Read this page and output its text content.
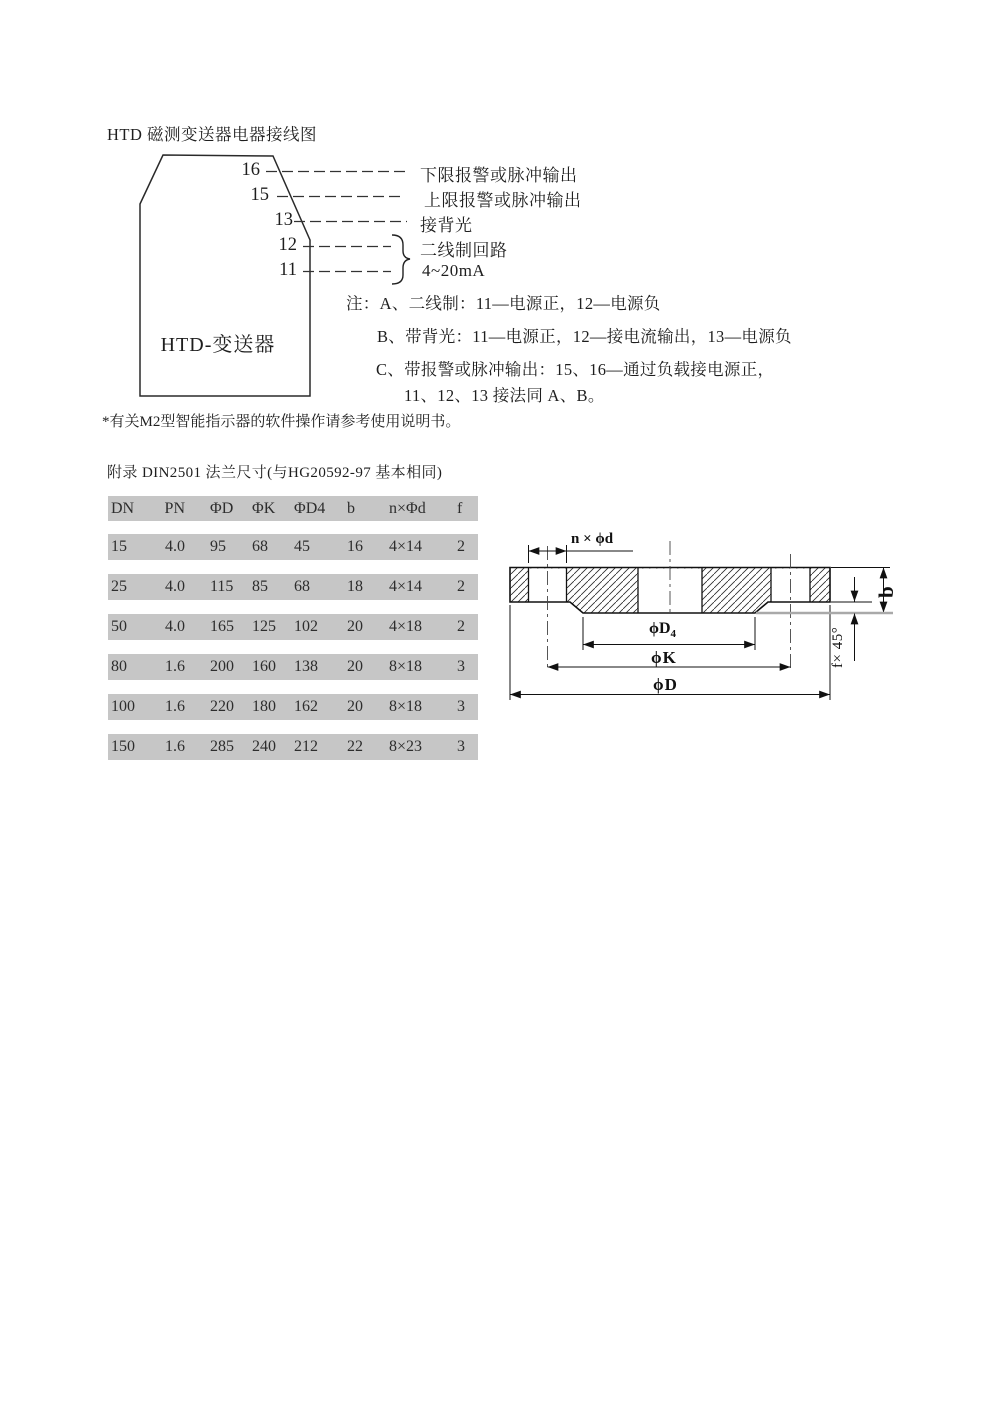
HTD 磁测变送器电器接线图
HTD-变送器
16
15
13
12
11
下限报警或脉冲输出
上限报警或脉冲输出
接背光
二线制回路
4~20mA
注：A、二线制：11—电源正，12—电源负
B、带背光：11—电源正，12—接电流输出，13—电源负
C、带报警或脉冲输出：15、16—通过负载接电源正，
11、12、13 接法同 A、B。
*有关M2型智能指示器的软件操作请参考使用说明书。
附录 DIN2501 法兰尺寸(与HG20592-97 基本相同)
DN	PN ΦD ΦK ΦD4 b n×Φd f
15	4.0 95 68 45 16 4×14 2
25	4.0 115 85 68 18 4×14 2
50	4.0 165 125 102 20 4×18 2
80	1.6 200 160 138 20 8×18 3
100	1.6 220 180 162 20 8×18 3
150	1.6 285 240 212 22 8×23 3
n × ϕd
$\phi D_4$
ϕK
ϕD
b
f× 45°
